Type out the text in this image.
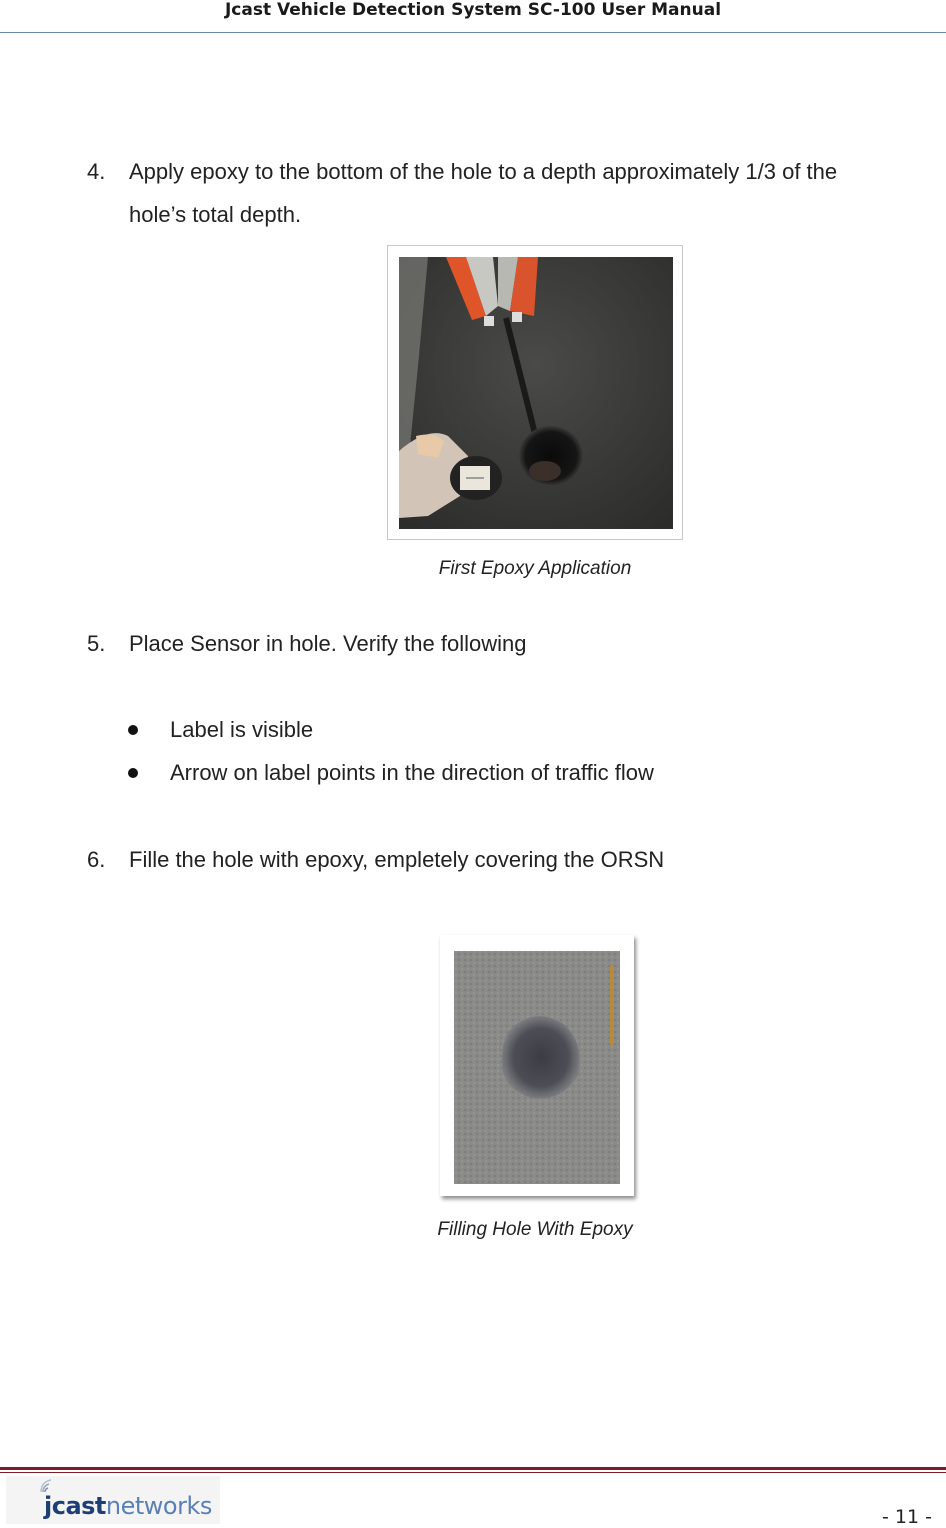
Jcast Vehicle Detection System SC-100 User Manual
4. Apply epoxy to the bottom of the hole to a depth approximately 1/3 of the
hole’s total depth.
First Epoxy Application
5. Place Sensor in hole. Verify the following
Label is visible
Arrow on label points in the direction of traffic flow
6. Fille the hole with epoxy, empletely covering the ORSN
Filling Hole With Epoxy
jcastnetworks	- 11 -
